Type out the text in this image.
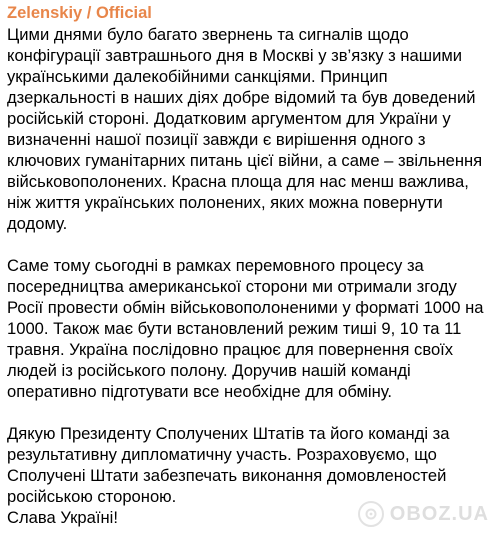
Zelenskiy / Official

Цими днями було багато звернень та сигналів щодо
конфігурації завтрашнього дня в Москві у зв’язку з нашими
українськими далекобійними санкціями. Принцип
дзеркальності в наших діях добре відомий та був доведений
російській стороні. Додатковим аргументом для України у
визначенні нашої позиції завжди є вирішення одного з
ключових гуманітарних питань цієї війни, а саме – звільнення
військовополонених. Красна площа для нас менш важлива,
ніж життя українських полонених, яких можна повернути
додому.

Саме тому сьогодні в рамках перемовного процесу за
посередництва американської сторони ми отримали згоду
Росії провести обмін військовополоненими у форматі 1000 на
1000. Також має бути встановлений режим тиші 9, 10 та 11
травня. Україна послідовно працює для повернення своїх
людей із російського полону. Доручив нашій команді
оперативно підготувати все необхідне для обміну.

Дякую Президенту Сполучених Штатів та його команді за
результативну дипломатичну участь. Розраховуємо, що
Сполучені Штати забезпечать виконання домовленостей
російською стороною.
Слава Україні!	OBOZ.UA
